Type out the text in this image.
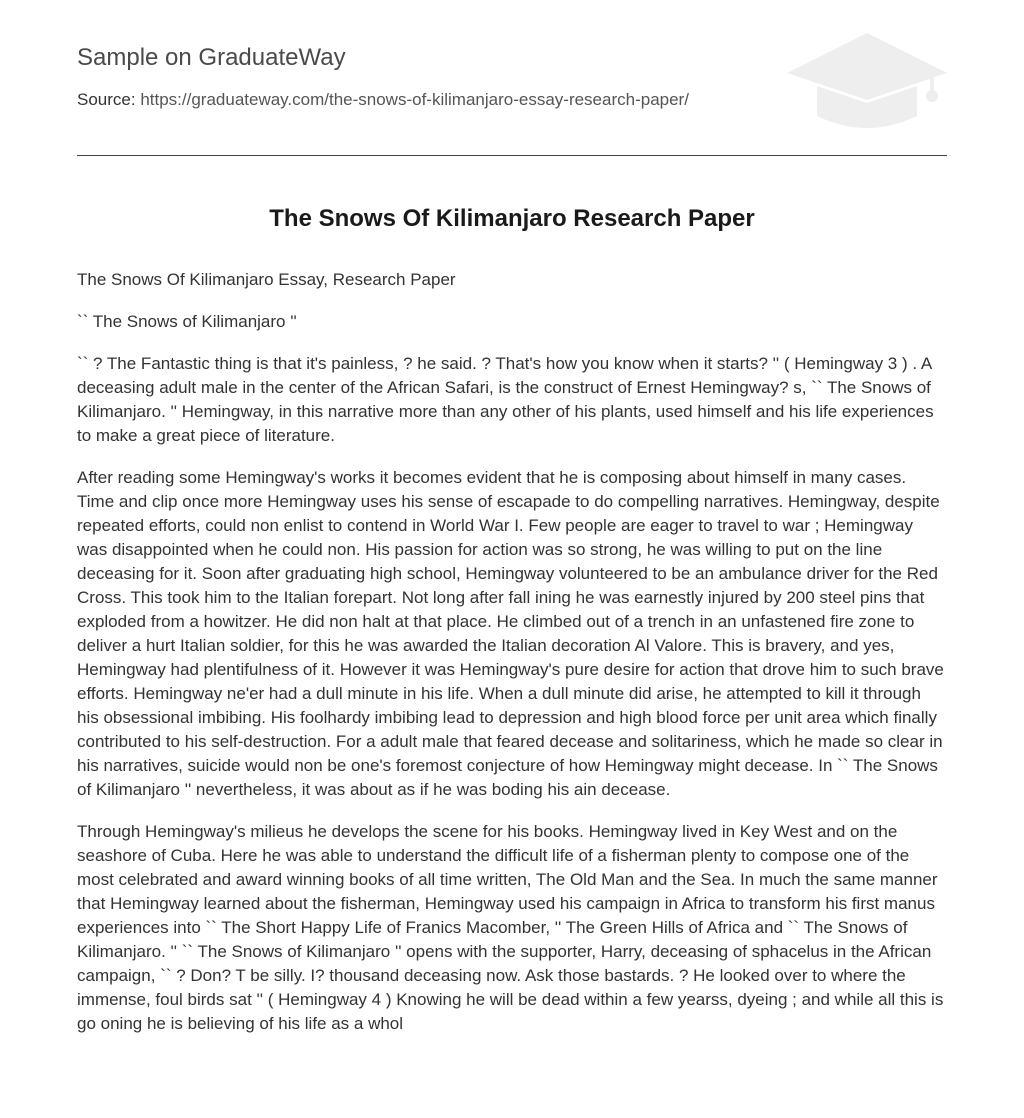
Sample on GraduateWay
Source: https://graduateway.com/the-snows-of-kilimanjaro-essay-research-paper/
The Snows Of Kilimanjaro Research Paper

The Snows Of Kilimanjaro Essay, Research Paper

`` The Snows of Kilimanjaro ''

`` ? The Fantastic thing is that it's painless, ? he said. ? That's how you know when it starts? '' ( Hemingway 3 ) . A deceasing adult male in the center of the African Safari, is the construct of Ernest Hemingway? s, `` The Snows of Kilimanjaro. '' Hemingway, in this narrative more than any other of his plants, used himself and his life experiences to make a great piece of literature.

After reading some Hemingway's works it becomes evident that he is composing about himself in many cases. Time and clip once more Hemingway uses his sense of escapade to do compelling narratives. Hemingway, despite repeated efforts, could non enlist to contend in World War I. Few people are eager to travel to war ; Hemingway was disappointed when he could non. His passion for action was so strong, he was willing to put on the line deceasing for it. Soon after graduating high school, Hemingway volunteered to be an ambulance driver for the Red Cross. This took him to the Italian forepart. Not long after fall ining he was earnestly injured by 200 steel pins that exploded from a howitzer. He did non halt at that place. He climbed out of a trench in an unfastened fire zone to deliver a hurt Italian soldier, for this he was awarded the Italian decoration Al Valore. This is bravery, and yes, Hemingway had plentifulness of it. However it was Hemingway's pure desire for action that drove him to such brave efforts. Hemingway ne'er had a dull minute in his life. When a dull minute did arise, he attempted to kill it through his obsessional imbibing. His foolhardy imbibing lead to depression and high blood force per unit area which finally contributed to his self-destruction. For a adult male that feared decease and solitariness, which he made so clear in his narratives, suicide would non be one's foremost conjecture of how Hemingway might decease. In `` The Snows of Kilimanjaro '' nevertheless, it was about as if he was boding his ain decease.

Through Hemingway's milieus he develops the scene for his books. Hemingway lived in Key West and on the seashore of Cuba. Here he was able to understand the difficult life of a fisherman plenty to compose one of the most celebrated and award winning books of all time written, The Old Man and the Sea. In much the same manner that Hemingway learned about the fisherman, Hemingway used his campaign in Africa to transform his first manus experiences into `` The Short Happy Life of Franics Macomber, '' The Green Hills of Africa and `` The Snows of Kilimanjaro. '' `` The Snows of Kilimanjaro '' opens with the supporter, Harry, deceasing of sphacelus in the African campaign, `` ? Don? T be silly. I? thousand deceasing now. Ask those bastards. ? He looked over to where the immense, foul birds sat '' ( Hemingway 4 ) Knowing he will be dead within a few yearss, dyeing ; and while all this is go oning he is believing of his life as a whol
